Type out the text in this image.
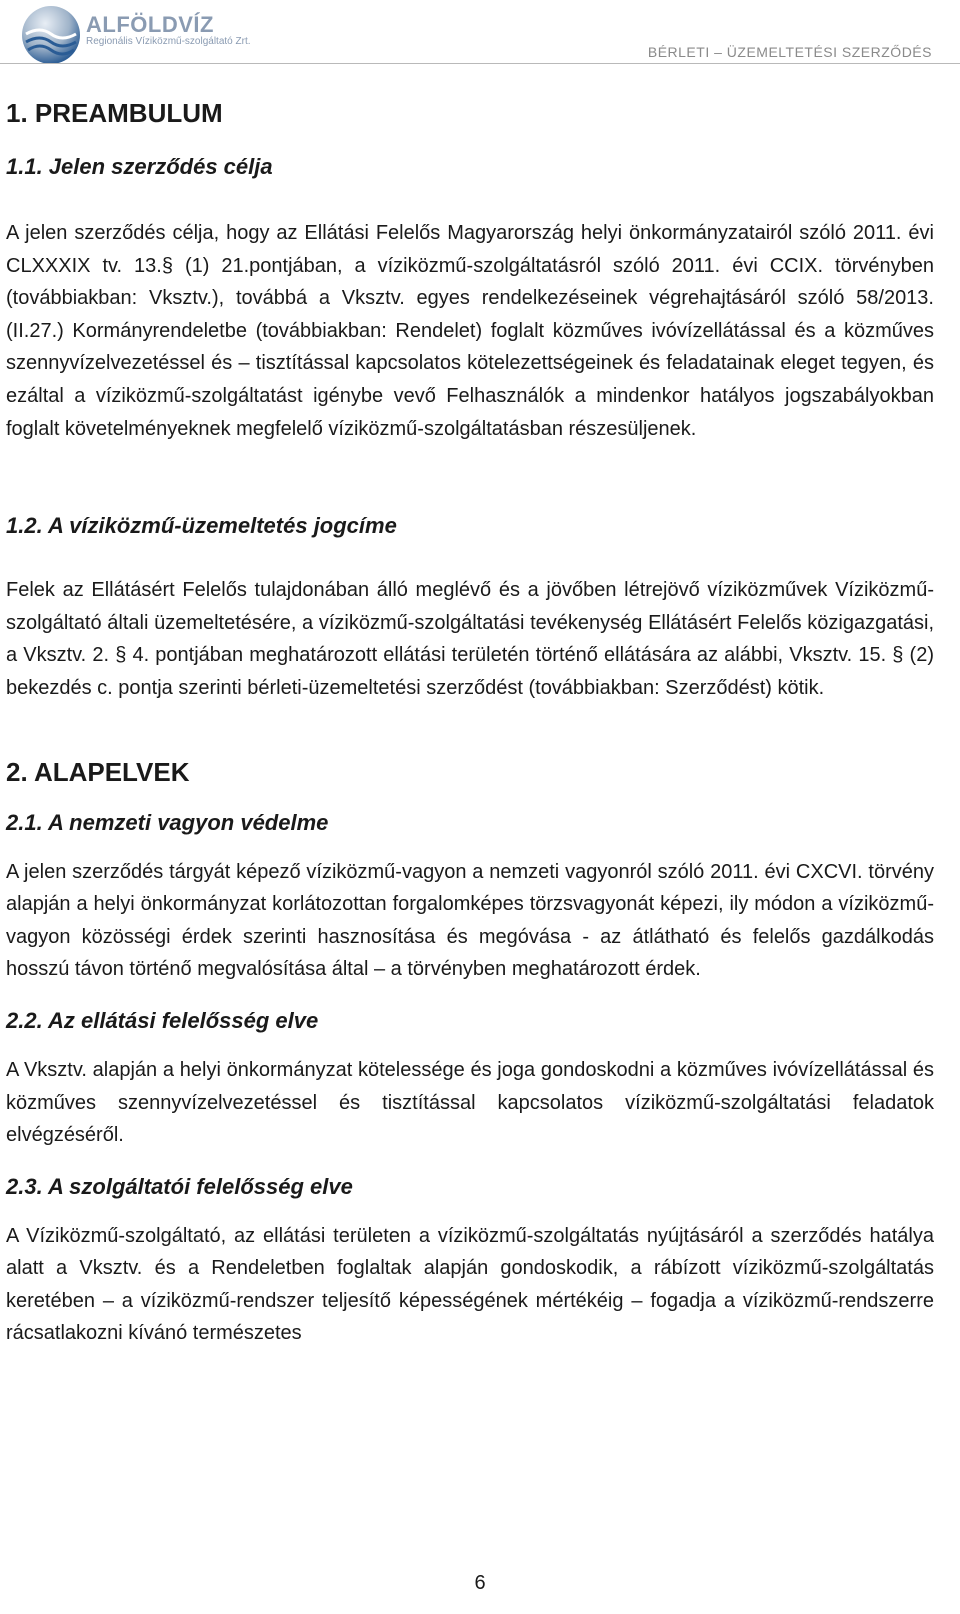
ALFÖLDVÍZ
Regionális Víziközmű-szolgáltató Zrt.
BÉRLETI – ÜZEMELTETÉSI SZERZŐDÉS
1. PREAMBULUM
1.1. Jelen szerződés célja

A jelen szerződés célja, hogy az Ellátási Felelős Magyarország helyi önkormányzatairól szóló 2011. évi CLXXXIX tv. 13.§ (1) 21.pontjában, a víziközmű-szolgáltatásról szóló 2011. évi CCIX. törvényben (továbbiakban: Vksztv.), továbbá a Vksztv. egyes rendelkezéseinek végrehajtásáról szóló 58/2013. (II.27.) Kormányrendeletbe (továbbiakban: Rendelet) foglalt közműves ivóvízellátással és a közműves szennyvízelvezetéssel és – tisztítással kapcsolatos kötelezettségeinek és feladatainak eleget tegyen, és ezáltal a víziközmű-szolgáltatást igénybe vevő Felhasználók a mindenkor hatályos jogszabályokban foglalt követelményeknek megfelelő víziközmű-szolgáltatásban részesüljenek.

1.2. A víziközmű-üzemeltetés jogcíme

Felek az Ellátásért Felelős tulajdonában álló meglévő és a jövőben létrejövő víziközművek Víziközmű-szolgáltató általi üzemeltetésére, a víziközmű-szolgáltatási tevékenység Ellátásért Felelős közigazgatási, a Vksztv. 2. § 4. pontjában meghatározott ellátási területén történő ellátására az alábbi, Vksztv. 15. § (2) bekezdés c. pontja szerinti bérleti-üzemeltetési szerződést (továbbiakban: Szerződést) kötik.

2. ALAPELVEK
2.1. A nemzeti vagyon védelme

A jelen szerződés tárgyát képező víziközmű-vagyon a nemzeti vagyonról szóló 2011. évi CXCVI. törvény alapján a helyi önkormányzat korlátozottan forgalomképes törzsvagyonát képezi, ily módon a víziközmű-vagyon közösségi érdek szerinti hasznosítása és megóvása - az átlátható és felelős gazdálkodás hosszú távon történő megvalósítása által – a törvényben meghatározott érdek.

2.2. Az ellátási felelősség elve

A Vksztv. alapján a helyi önkormányzat kötelessége és joga gondoskodni a közműves ivóvízellátással és közműves szennyvízelvezetéssel és tisztítással kapcsolatos víziközmű-szolgáltatási feladatok elvégzéséről.

2.3. A szolgáltatói felelősség elve

A Víziközmű-szolgáltató, az ellátási területen a víziközmű-szolgáltatás nyújtásáról a szerződés hatálya alatt a Vksztv. és a Rendeletben foglaltak alapján gondoskodik, a rábízott víziközmű-szolgáltatás keretében – a víziközmű-rendszer teljesítő képességének mértékéig – fogadja a víziközmű-rendszerre rácsatlakozni kívánó természetes

6
